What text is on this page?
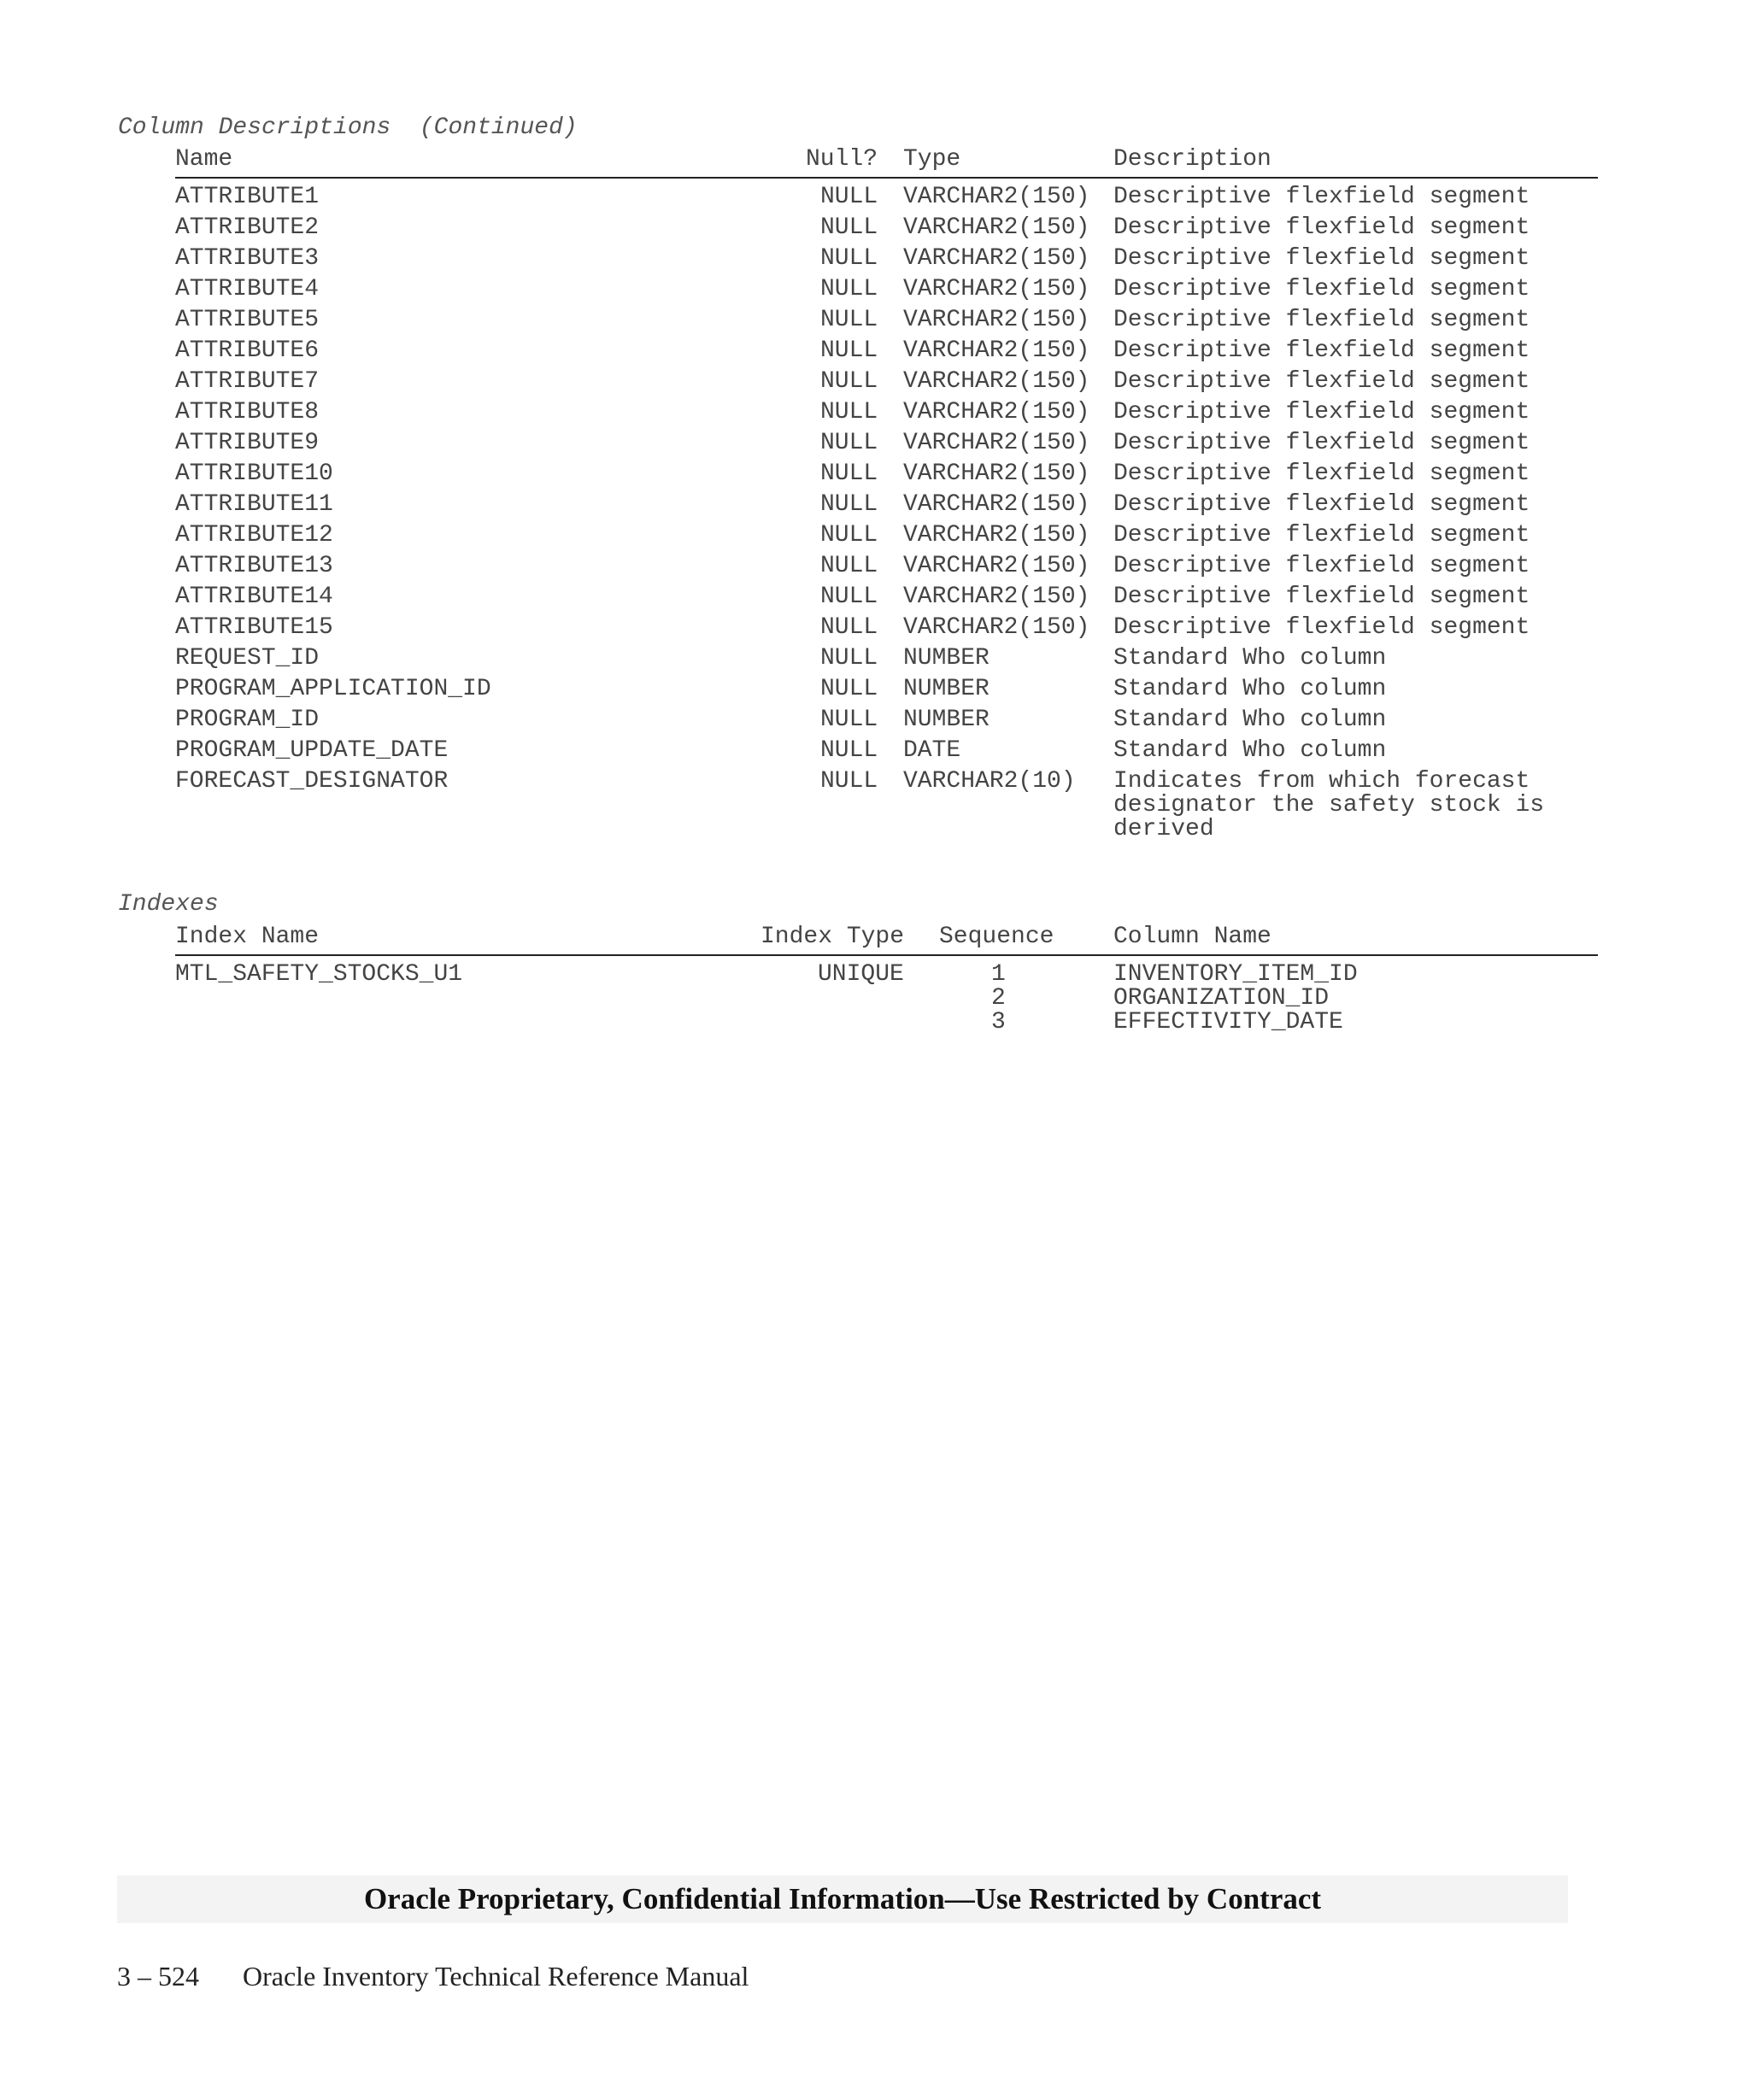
Column Descriptions  (Continued)
Name	Null? Type	Description
ATTRIBUTE1	NULL VARCHAR2(150) Descriptive flexfield segment
ATTRIBUTE2	NULL VARCHAR2(150) Descriptive flexfield segment
ATTRIBUTE3	NULL VARCHAR2(150) Descriptive flexfield segment
ATTRIBUTE4	NULL VARCHAR2(150) Descriptive flexfield segment
ATTRIBUTE5	NULL VARCHAR2(150) Descriptive flexfield segment
ATTRIBUTE6	NULL VARCHAR2(150) Descriptive flexfield segment
ATTRIBUTE7	NULL VARCHAR2(150) Descriptive flexfield segment
ATTRIBUTE8	NULL VARCHAR2(150) Descriptive flexfield segment
ATTRIBUTE9	NULL VARCHAR2(150) Descriptive flexfield segment
ATTRIBUTE10	NULL VARCHAR2(150) Descriptive flexfield segment
ATTRIBUTE11	NULL VARCHAR2(150) Descriptive flexfield segment
ATTRIBUTE12	NULL VARCHAR2(150) Descriptive flexfield segment
ATTRIBUTE13	NULL VARCHAR2(150) Descriptive flexfield segment
ATTRIBUTE14	NULL VARCHAR2(150) Descriptive flexfield segment
ATTRIBUTE15	NULL VARCHAR2(150) Descriptive flexfield segment
REQUEST_ID	NULL NUMBER	Standard Who column
PROGRAM_APPLICATION_ID	NULL NUMBER	Standard Who column
PROGRAM_ID	NULL NUMBER	Standard Who column
PROGRAM_UPDATE_DATE	NULL DATE	Standard Who column
FORECAST_DESIGNATOR	NULL VARCHAR2(10) Indicates from which forecast
designator the safety stock is
derived
Indexes
Index Name	Index Type Sequence Column Name
MTL_SAFETY_STOCKS_U1	UNIQUE	1	INVENTORY_ITEM_ID
2	ORGANIZATION_ID
3	EFFECTIVITY_DATE
Oracle Proprietary, Confidential Information––Use Restricted by Contract
3 – 524 Oracle Inventory Technical Reference Manual
